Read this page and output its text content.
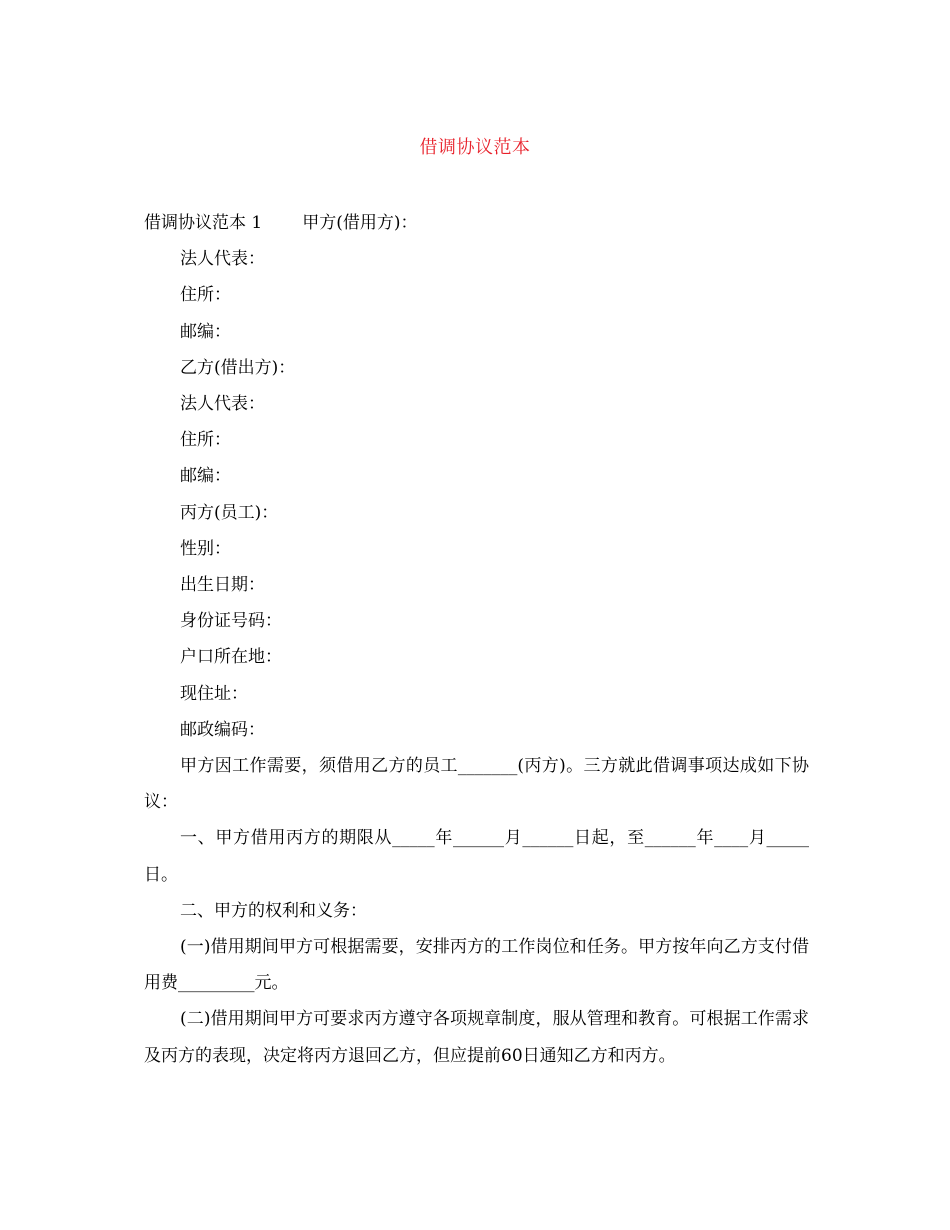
借调协议范本
借调协议范本 1 甲方(借用方)：
法人代表：
住所：
邮编：
乙方(借出方)：
法人代表：
住所：
邮编：
丙方(员工)：
性别：
出生日期：
身份证号码：
户口所在地：
现住址：
邮政编码：
甲方因工作需要，须借用乙方的员工_______(丙方)。三方就此借调事项达成如下协议：
一、甲方借用丙方的期限从_____年______月______日起，至______年____月_____日。
二、甲方的权利和义务：
(一)借用期间甲方可根据需要，安排丙方的工作岗位和任务。甲方按年向乙方支付借用费_________元。
(二)借用期间甲方可要求丙方遵守各项规章制度，服从管理和教育。可根据工作需求及丙方的表现，决定将丙方退回乙方，但应提前60日通知乙方和丙方。
